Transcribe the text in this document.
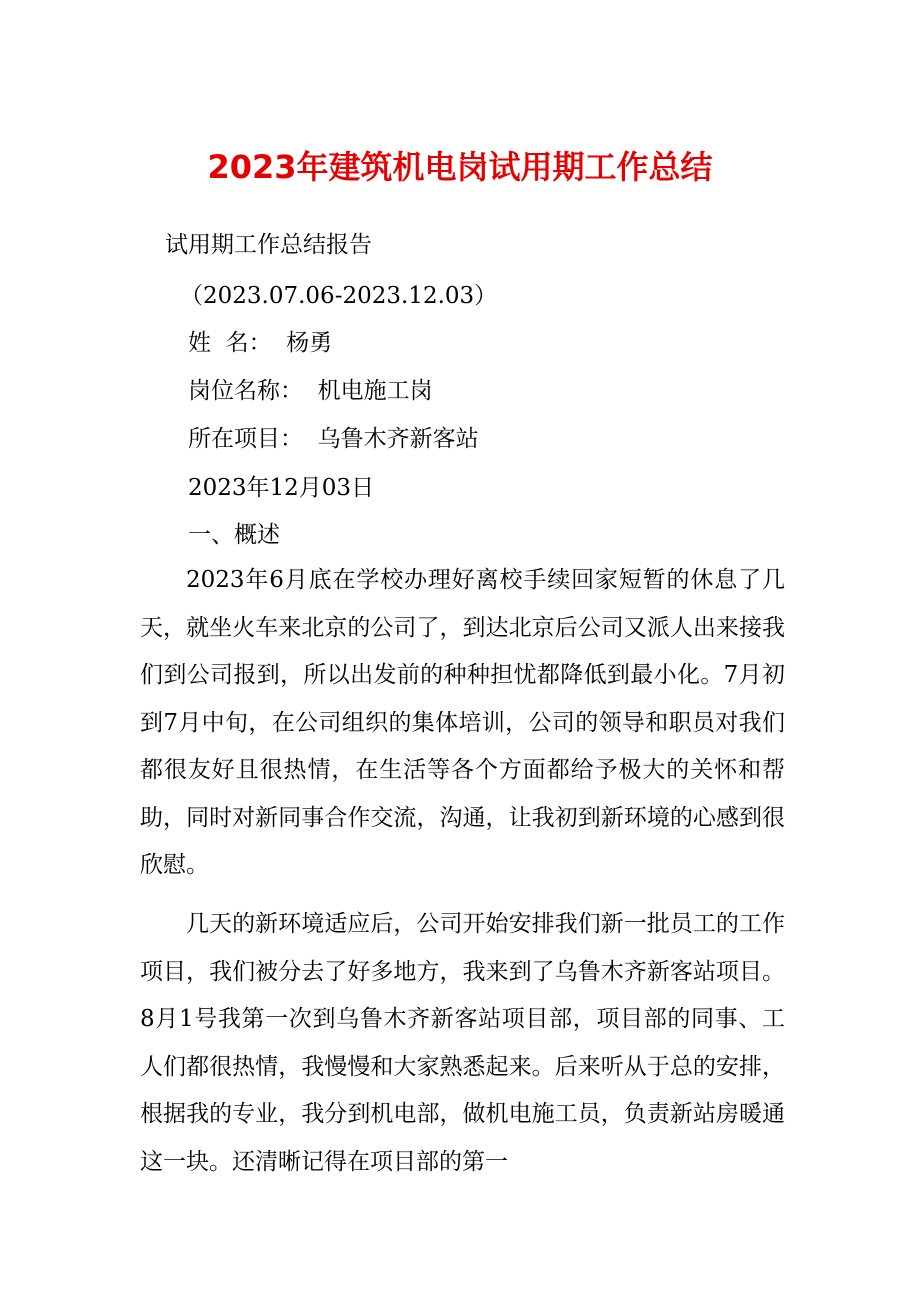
2023年建筑机电岗试用期工作总结
试用期工作总结报告
（2023.07.06-2023.12.03）
姓  名：  杨勇
岗位名称：  机电施工岗
所在项目：  乌鲁木齐新客站
2023年12月03日
一、概述

2023年6月底在学校办理好离校手续回家短暂的休息了几天，就坐火车来北京的公司了，到达北京后公司又派人出来接我们到公司报到，所以出发前的种种担忧都降低到最小化。7月初到7月中旬，在公司组织的集体培训，公司的领导和职员对我们都很友好且很热情，在生活等各个方面都给予极大的关怀和帮助，同时对新同事合作交流，沟通，让我初到新环境的心感到很欣慰。

几天的新环境适应后，公司开始安排我们新一批员工的工作项目，我们被分去了好多地方，我来到了乌鲁木齐新客站项目。8月1号我第一次到乌鲁木齐新客站项目部，项目部的同事、工人们都很热情，我慢慢和大家熟悉起来。后来听从于总的安排，根据我的专业，我分到机电部，做机电施工员，负责新站房暖通这一块。还清晰记得在项目部的第一
